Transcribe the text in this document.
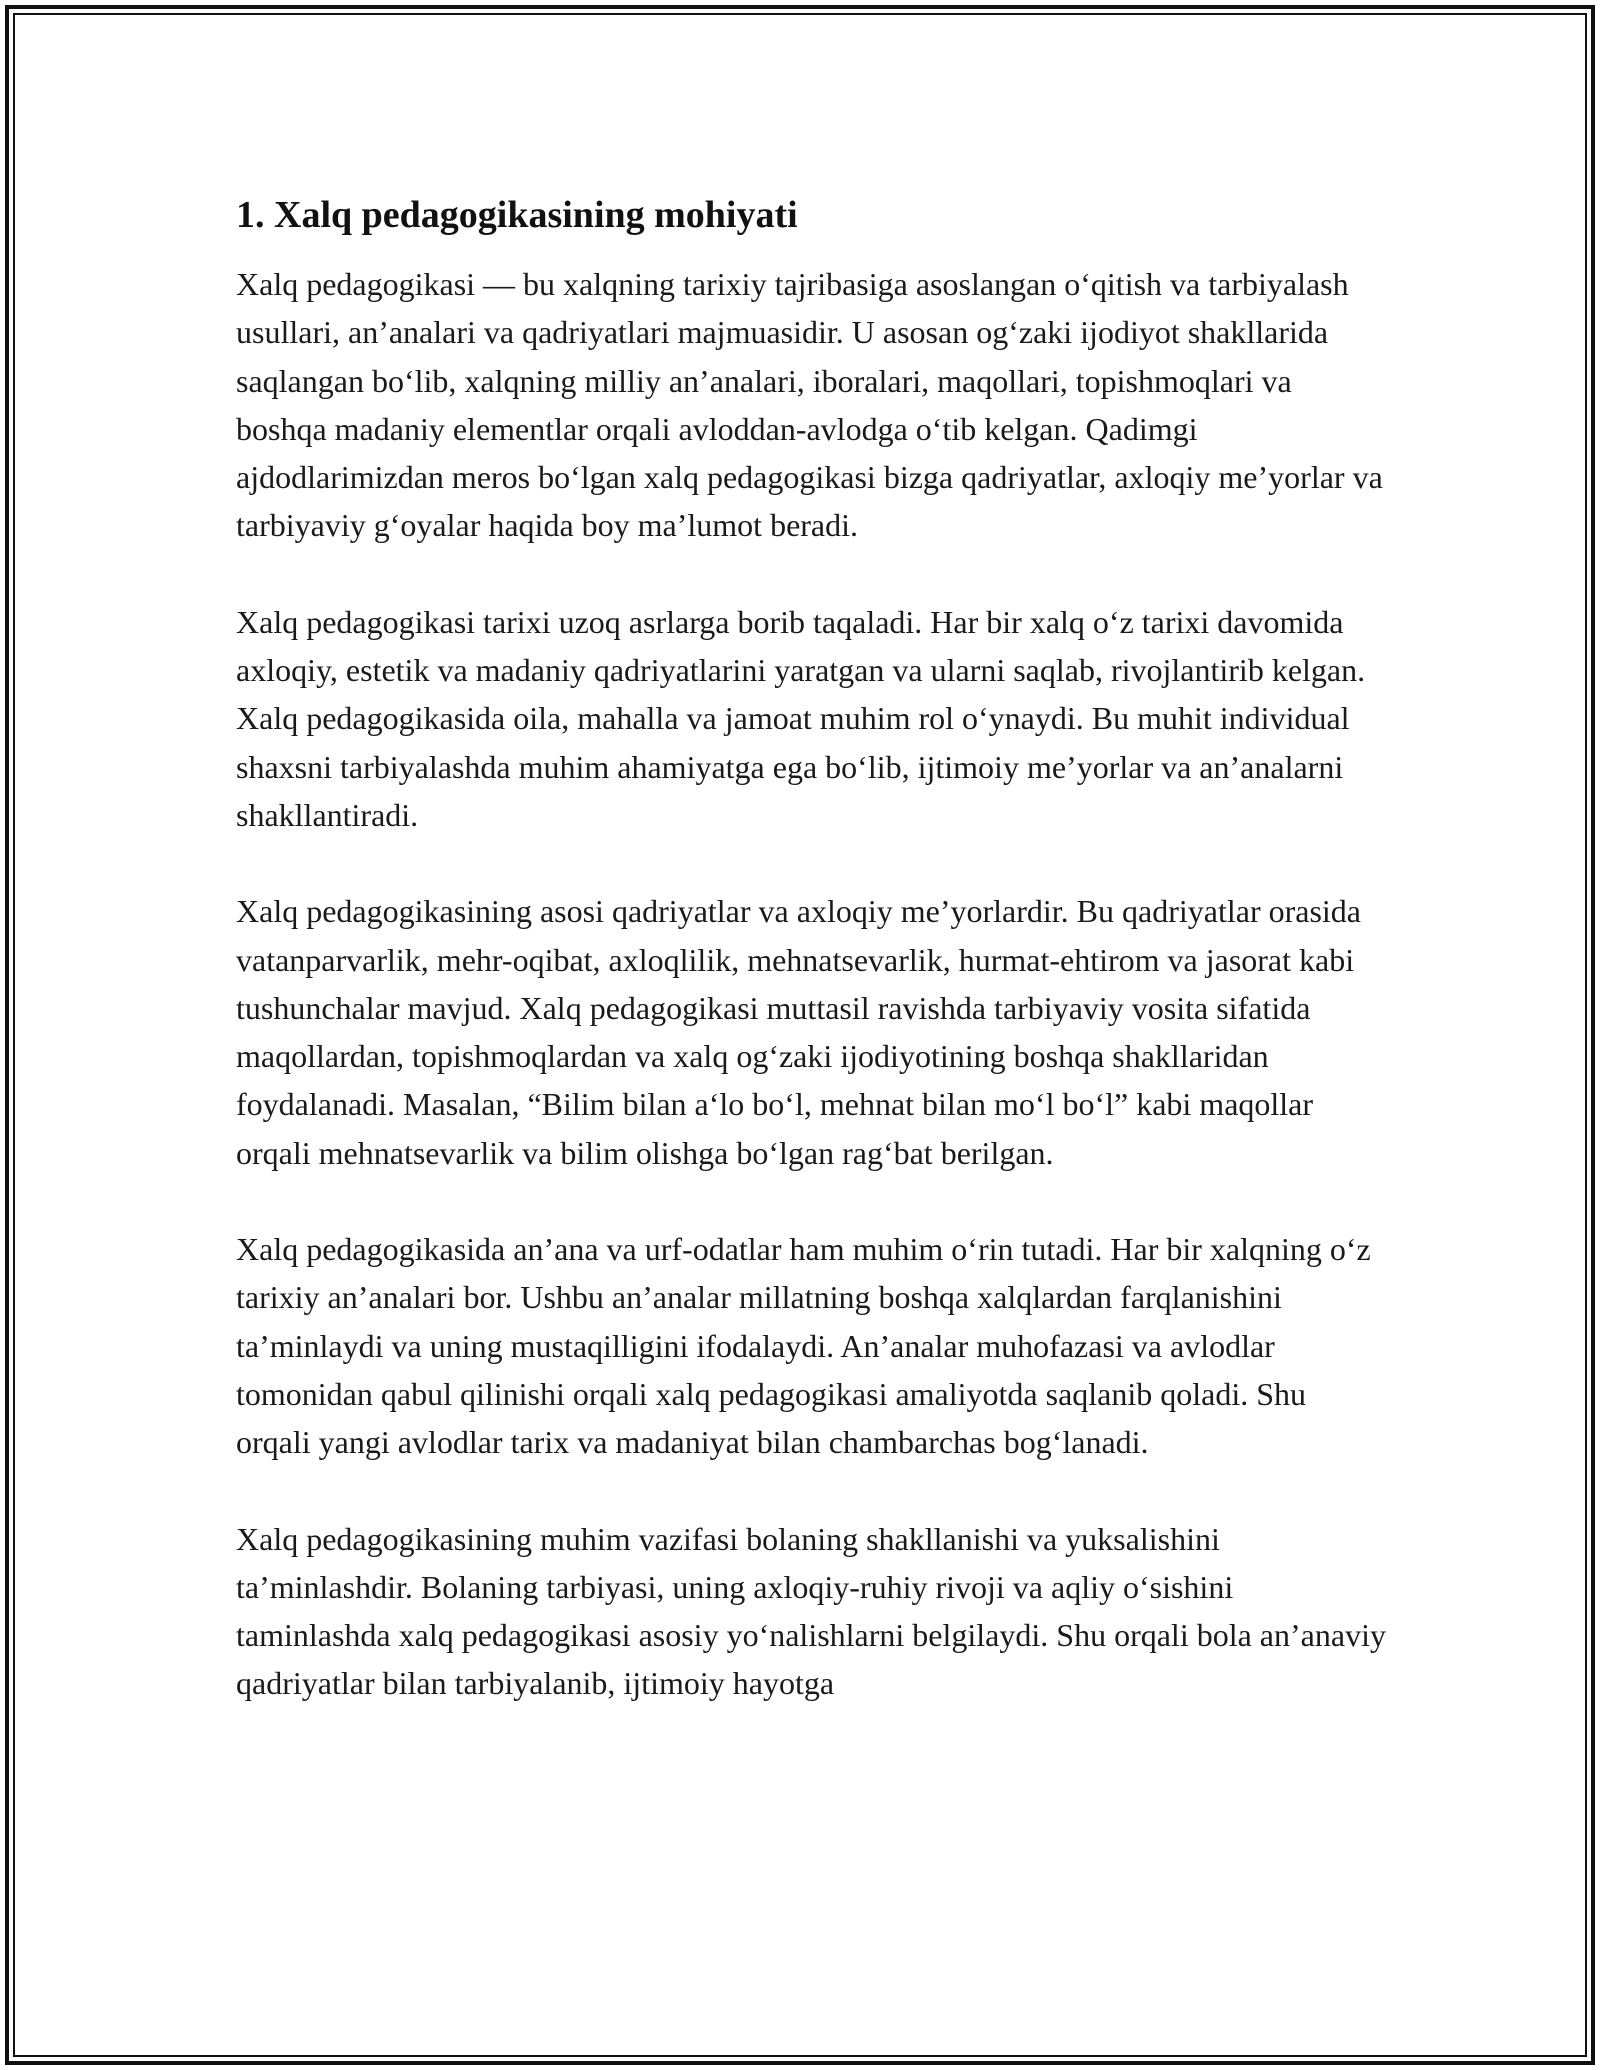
1. Xalq pedagogikasining mohiyati

Xalq pedagogikasi — bu xalqning tarixiy tajribasiga asoslangan o‘qitish va tarbiyalash usullari, an’analari va qadriyatlari majmuasidir. U asosan og‘zaki ijodiyot shakllarida saqlangan bo‘lib, xalqning milliy an’analari, iboralari, maqollari, topishmoqlari va boshqa madaniy elementlar orqali avloddan-avlodga o‘tib kelgan. Qadimgi ajdodlarimizdan meros bo‘lgan xalq pedagogikasi bizga qadriyatlar, axloqiy me’yorlar va tarbiyaviy g‘oyalar haqida boy ma’lumot beradi.

Xalq pedagogikasi tarixi uzoq asrlarga borib taqaladi. Har bir xalq o‘z tarixi davomida axloqiy, estetik va madaniy qadriyatlarini yaratgan va ularni saqlab, rivojlantirib kelgan. Xalq pedagogikasida oila, mahalla va jamoat muhim rol o‘ynaydi. Bu muhit individual shaxsni tarbiyalashda muhim ahamiyatga ega bo‘lib, ijtimoiy me’yorlar va an’analarni shakllantiradi.

Xalq pedagogikasining asosi qadriyatlar va axloqiy me’yorlardir. Bu qadriyatlar orasida vatanparvarlik, mehr-oqibat, axloqlilik, mehnatsevarlik, hurmat-ehtirom va jasorat kabi tushunchalar mavjud. Xalq pedagogikasi muttasil ravishda tarbiyaviy vosita sifatida maqollardan, topishmoqlardan va xalq og‘zaki ijodiyotining boshqa shakllaridan foydalanadi. Masalan, “Bilim bilan a‘lo bo‘l, mehnat bilan mo‘l bo‘l” kabi maqollar orqali mehnatsevarlik va bilim olishga bo‘lgan rag‘bat berilgan.

Xalq pedagogikasida an’ana va urf-odatlar ham muhim o‘rin tutadi. Har bir xalqning o‘z tarixiy an’analari bor. Ushbu an’analar millatning boshqa xalqlardan farqlanishini ta’minlaydi va uning mustaqilligini ifodalaydi. An’analar muhofazasi va avlodlar tomonidan qabul qilinishi orqali xalq pedagogikasi amaliyotda saqlanib qoladi. Shu orqali yangi avlodlar tarix va madaniyat bilan chambarchas bog‘lanadi.

Xalq pedagogikasining muhim vazifasi bolaning shakllanishi va yuksalishini ta’minlashdir. Bolaning tarbiyasi, uning axloqiy-ruhiy rivoji va aqliy o‘sishini taminlashda xalq pedagogikasi asosiy yo‘nalishlarni belgilaydi. Shu orqali bola an’anaviy qadriyatlar bilan tarbiyalanib, ijtimoiy hayotga
